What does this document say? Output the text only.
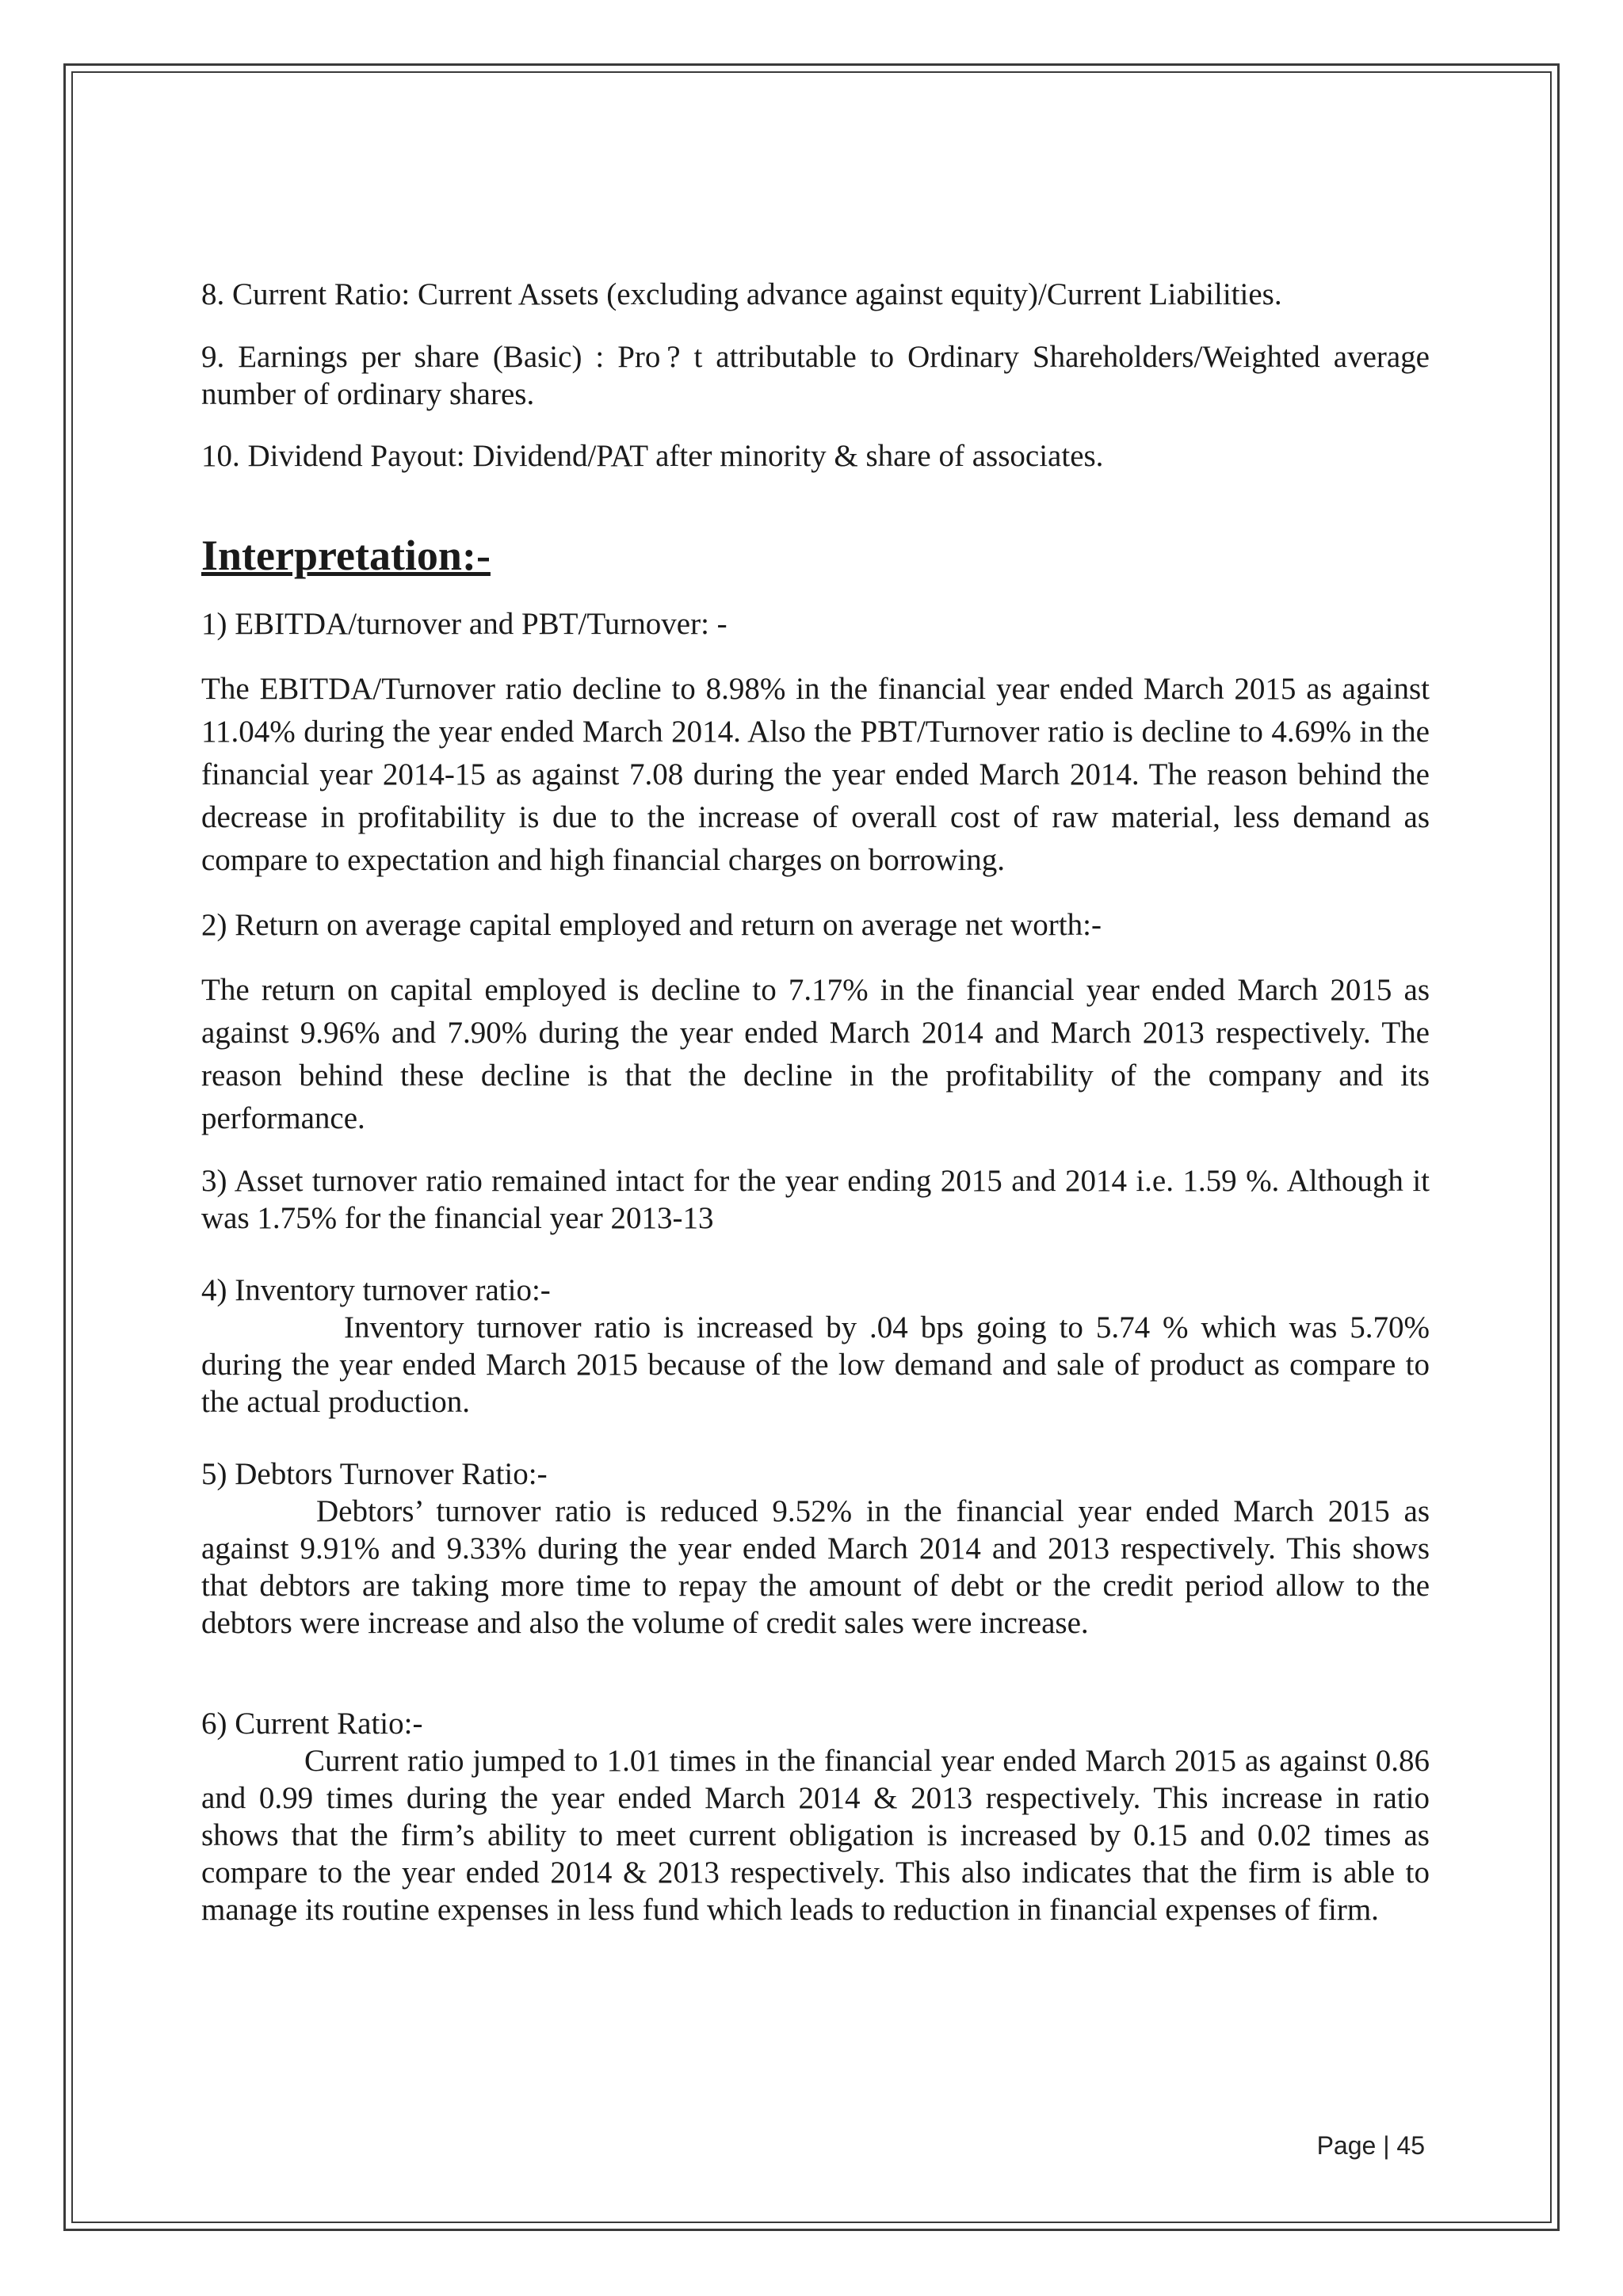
8. Current Ratio: Current Assets (excluding advance against equity)/Current Liabilities.

9. Earnings per share (Basic) : Pro ? t attributable to Ordinary Shareholders/Weighted average number of ordinary shares.

10. Dividend Payout: Dividend/PAT after minority & share of associates.

Interpretation:-

1) EBITDA/turnover and PBT/Turnover: -

The EBITDA/Turnover ratio decline to 8.98% in the financial year ended March 2015 as against 11.04% during the year ended March 2014. Also the PBT/Turnover ratio is decline to 4.69% in the financial year 2014-15 as against 7.08 during the year ended March 2014. The reason behind the decrease in profitability is due to the increase of overall cost of raw material, less demand as compare to expectation and high financial charges on borrowing.

2) Return on average capital employed and return on average net worth:-

The return on capital employed is decline to 7.17% in the financial year ended March 2015 as against 9.96% and 7.90% during the year ended March 2014 and March 2013 respectively. The reason behind these decline is that the decline in the profitability of the company and its performance.

3) Asset turnover ratio remained intact for the year ending 2015 and 2014 i.e. 1.59 %. Although it was 1.75% for the financial year 2013-13

4) Inventory turnover ratio:-

Inventory turnover ratio is increased by .04 bps going to 5.74 % which was 5.70% during the year ended March 2015 because of the low demand and sale of product as compare to the actual production.

5) Debtors Turnover Ratio:-

Debtors’ turnover ratio is reduced 9.52% in the financial year ended March 2015 as against 9.91% and 9.33% during the year ended March 2014 and 2013 respectively. This shows that debtors are taking more time to repay the amount of debt or the credit period allow to the debtors were increase and also the volume of credit sales were increase.

6) Current Ratio:-

Current ratio jumped to 1.01 times in the financial year ended March 2015 as against 0.86 and 0.99 times during the year ended March 2014 & 2013 respectively. This increase in ratio shows that the firm’s ability to meet current obligation is increased by 0.15 and 0.02 times as compare to the year ended 2014 & 2013 respectively. This also indicates that the firm is able to manage its routine expenses in less fund which leads to reduction in financial expenses of firm.

Page | 45
